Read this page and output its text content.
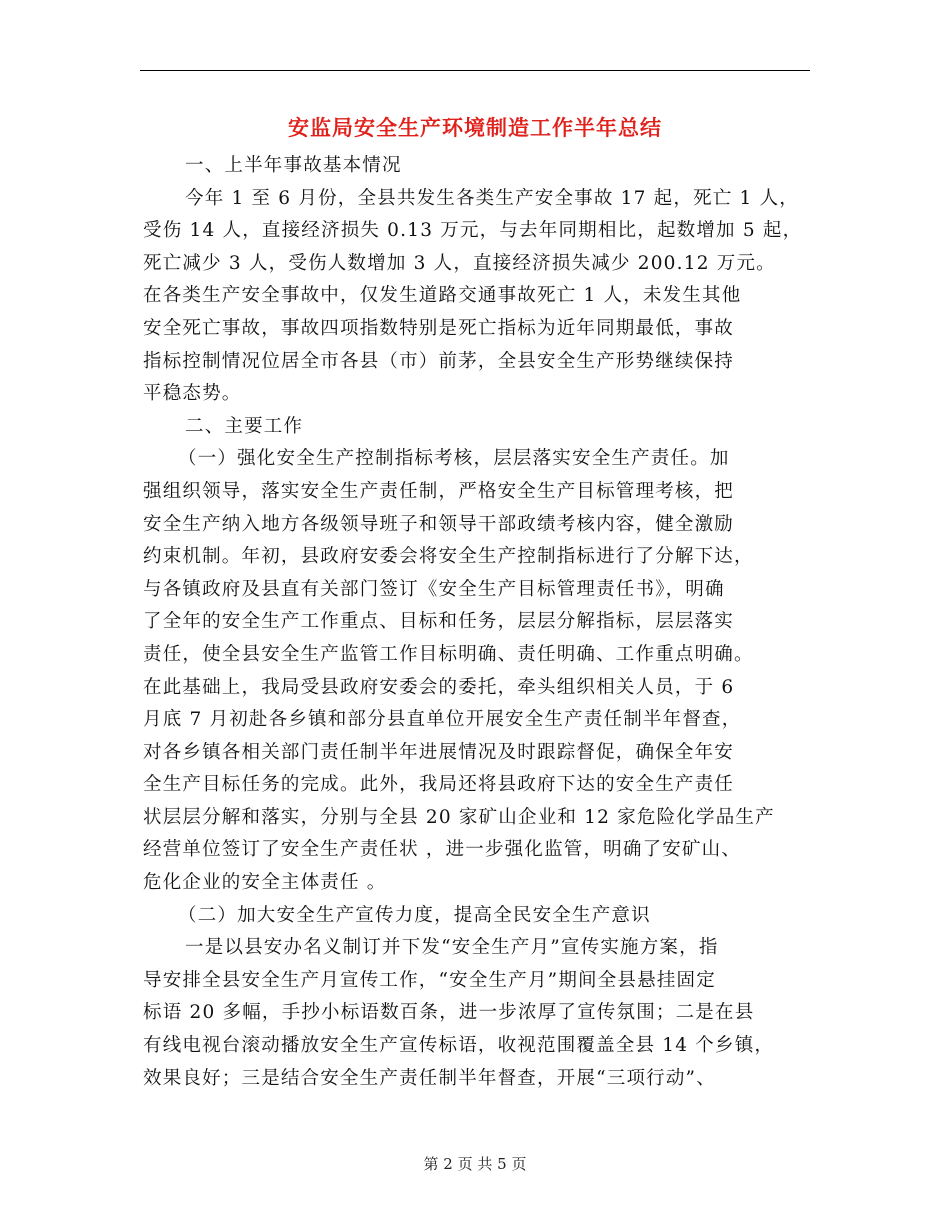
安监局安全生产环境制造工作半年总结
一、上半年事故基本情况
今年 1 至 6 月份，全县共发生各类生产安全事故 17 起，死亡 1 人，
受伤 14 人，直接经济损失 0.13 万元，与去年同期相比，起数增加 5 起，
死亡减少 3 人，受伤人数增加 3 人，直接经济损失减少 200.12 万元。
在各类生产安全事故中，仅发生道路交通事故死亡 1 人，未发生其他
安全死亡事故，事故四项指数特别是死亡指标为近年同期最低，事故
指标控制情况位居全市各县（市）前茅，全县安全生产形势继续保持
平稳态势。
二、主要工作
（一）强化安全生产控制指标考核，层层落实安全生产责任。加
强组织领导，落实安全生产责任制，严格安全生产目标管理考核，把
安全生产纳入地方各级领导班子和领导干部政绩考核内容，健全激励
约束机制。年初，县政府安委会将安全生产控制指标进行了分解下达，
与各镇政府及县直有关部门签订《安全生产目标管理责任书》，明确
了全年的安全生产工作重点、目标和任务，层层分解指标，层层落实
责任，使全县安全生产监管工作目标明确、责任明确、工作重点明确。
在此基础上，我局受县政府安委会的委托，牵头组织相关人员，于 6
月底 7 月初赴各乡镇和部分县直单位开展安全生产责任制半年督查，
对各乡镇各相关部门责任制半年进展情况及时跟踪督促，确保全年安
全生产目标任务的完成。此外，我局还将县政府下达的安全生产责任
状层层分解和落实，分别与全县 20 家矿山企业和 12 家危险化学品生产
经营单位签订了安全生产责任状 ，进一步强化监管，明确了安矿山、
危化企业的安全主体责任 。
（二）加大安全生产宣传力度，提高全民安全生产意识
一是以县安办名义制订并下发“安全生产月”宣传实施方案，指
导安排全县安全生产月宣传工作，“安全生产月”期间全县悬挂固定
标语 20 多幅，手抄小标语数百条，进一步浓厚了宣传氛围；二是在县
有线电视台滚动播放安全生产宣传标语，收视范围覆盖全县 14 个乡镇，
效果良好；三是结合安全生产责任制半年督查，开展“三项行动”、
第 2 页 共 5 页
